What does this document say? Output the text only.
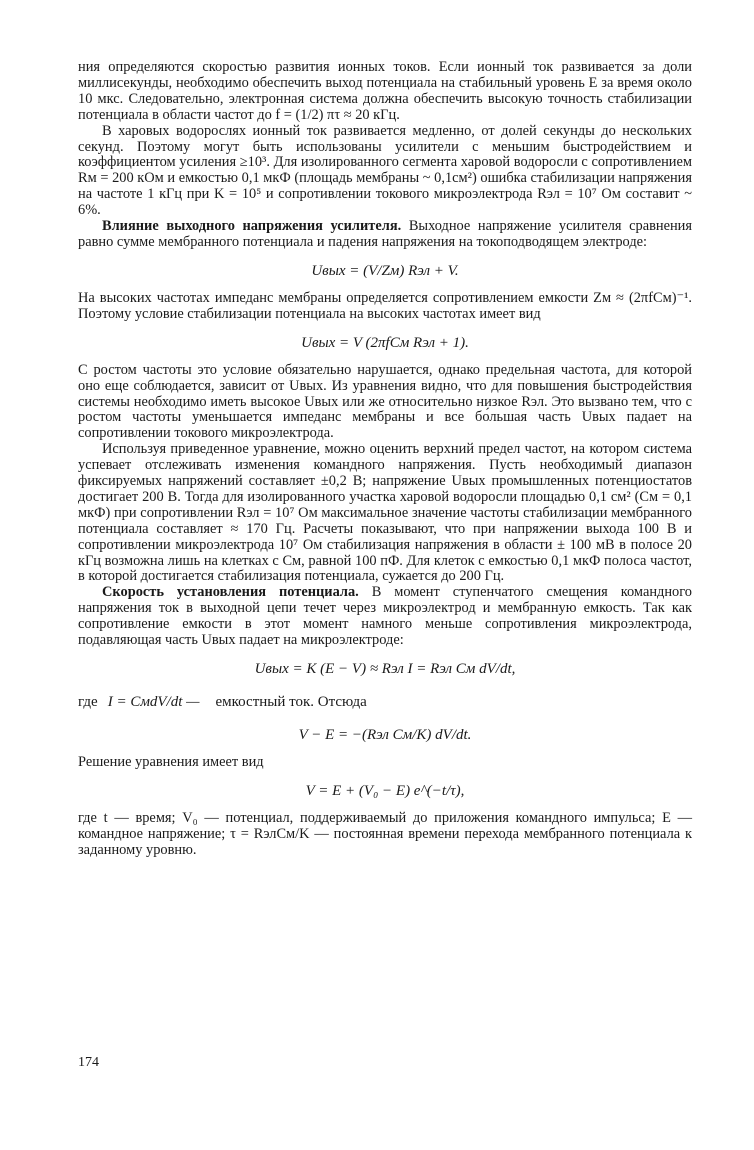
ния определяются скоростью развития ионных токов. Если ионный ток развивается за доли миллисекунды, необходимо обеспечить выход потенциала на стабильный уровень E за время около 10 мкс. Следовательно, электронная система должна обеспечить высокую точность стабилизации потенциала в области частот до f = (1/2) πτ ≈ 20 кГц.

В харовых водорослях ионный ток развивается медленно, от долей секунды до нескольких секунд. Поэтому могут быть использованы усилители с меньшим быстродействием и коэффициентом усиления ≥10³. Для изолированного сегмента харовой водоросли с сопротивлением Rм = 200 кОм и емкостью 0,1 мкФ (площадь мембраны ~ 0,1см²) ошибка стабилизации напряжения на частоте 1 кГц при K = 10⁵ и сопротивлении токового микроэлектрода Rэл = 10⁷ Ом составит ~ 6%.

Влияние выходного напряжения усилителя. Выходное напряжение усилителя сравнения равно сумме мембранного потенциала и падения напряжения на токоподводящем электроде:

Uвых = (V/Zм) Rэл + V.

На высоких частотах импеданс мембраны определяется сопротивлением емкости Zм ≈ (2πfCм)⁻¹. Поэтому условие стабилизации потенциала на высоких частотах имеет вид

Uвых = V (2πfCм Rэл + 1).

С ростом частоты это условие обязательно нарушается, однако предельная частота, для которой оно еще соблюдается, зависит от Uвых. Из уравнения видно, что для повышения быстродействия системы необходимо иметь высокое Uвых или же относительно низкое Rэл. Это вызвано тем, что с ростом частоты уменьшается импеданс мембраны и все бо́льшая часть Uвых падает на сопротивлении токового микроэлектрода.

Используя приведенное уравнение, можно оценить верхний предел частот, на котором система успевает отслеживать изменения командного напряжения. Пусть необходимый диапазон фиксируемых напряжений составляет ±0,2 В; напряжение Uвых промышленных потенциостатов достигает 200 В. Тогда для изолированного участка харовой водоросли площадью 0,1 см² (Cм = 0,1 мкФ) при сопротивлении Rэл = 10⁷ Ом максимальное значение частоты стабилизации мембранного потенциала составляет ≈ 170 Гц. Расчеты показывают, что при напряжении выхода 100 В и сопротивлении микроэлектрода 10⁷ Ом стабилизация напряжения в области ± 100 мВ в полосе 20 кГц возможна лишь на клетках с Cм, равной 100 пФ. Для клеток с емкостью 0,1 мкФ полоса частот, в которой достигается стабилизация потенциала, сужается до 200 Гц.

Скорость установления потенциала. В момент ступенчатого смещения командного напряжения ток в выходной цепи течет через микроэлектрод и мембранную емкость. Так как сопротивление емкости в этот момент намного меньше сопротивления микроэлектрода, подавляющая часть Uвых падает на микроэлектроде:

Uвых = K (E − V) ≈ Rэл I = Rэл Cм dV/dt,

где I = CмdV/dt — емкостный ток. Отсюда

V − E = −(Rэл Cм/K) dV/dt.

Решение уравнения имеет вид

V = E + (V₀ − E) e^(−t/τ),

где t — время; V₀ — потенциал, поддерживаемый до приложения командного импульса; E — командное напряжение; τ = RэлCм/K — постоянная времени перехода мембранного потенциала к заданному уровню.

174
